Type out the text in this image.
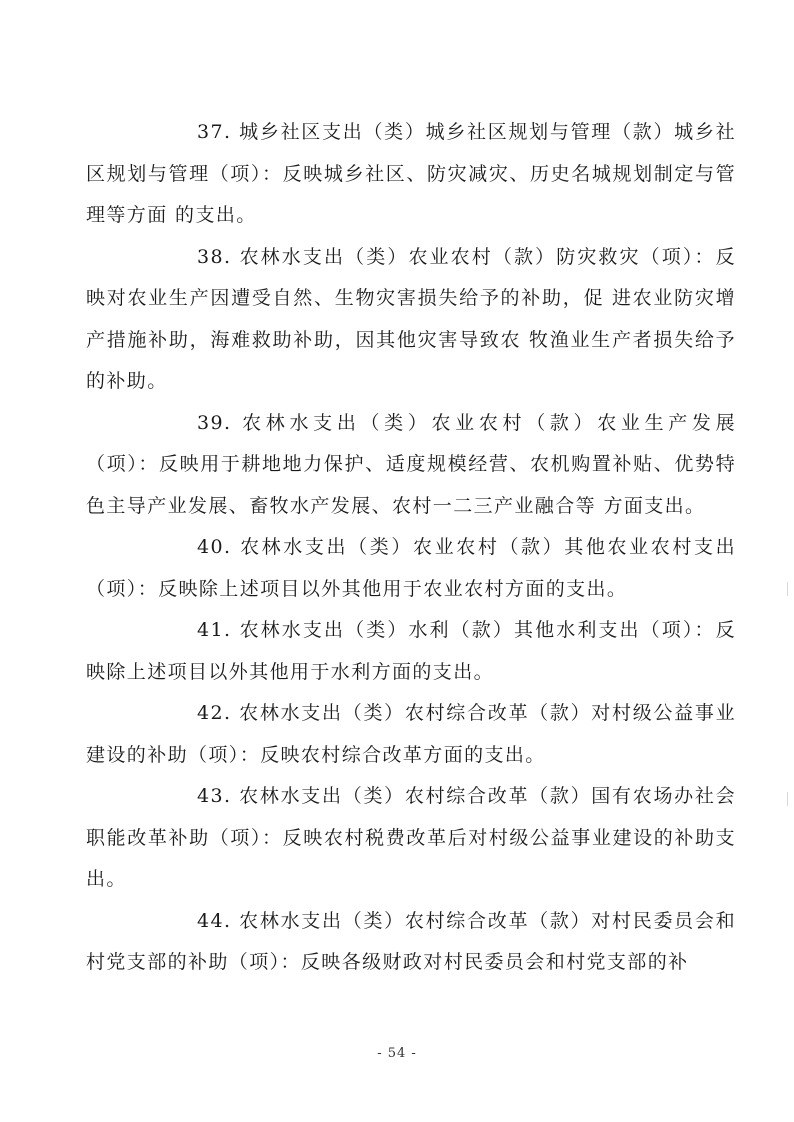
37. 城乡社区支出（类）城乡社区规划与管理（款）城乡社区规划与管理（项）：反映城乡社区、防灾减灾、历史名城规划制定与管理等方面 的支出。

38. 农林水支出（类）农业农村（款）防灾救灾（项）：反映对农业生产因遭受自然、生物灾害损失给予的补助，促 进农业防灾增产措施补助，海难救助补助，因其他灾害导致农 牧渔业生产者损失给予的补助。

39. 农林水支出（类）农业农村（款）农业生产发展（项）：反映用于耕地地力保护、适度规模经营、农机购置补贴、优势特色主导产业发展、畜牧水产发展、农村一二三产业融合等 方面支出。

40. 农林水支出（类）农业农村（款）其他农业农村支出（项）：反映除上述项目以外其他用于农业农村方面的支出。

41. 农林水支出（类）水利（款）其他水利支出（项）：反映除上述项目以外其他用于水利方面的支出。

42. 农林水支出（类）农村综合改革（款）对村级公益事业建设的补助（项）：反映农村综合改革方面的支出。

43. 农林水支出（类）农村综合改革（款）国有农场办社会职能改革补助（项）：反映农村税费改革后对村级公益事业建设的补助支出。

44. 农林水支出（类）农村综合改革（款）对村民委员会和村党支部的补助（项）：反映各级财政对村民委员会和村党支部的补

- 54 -
